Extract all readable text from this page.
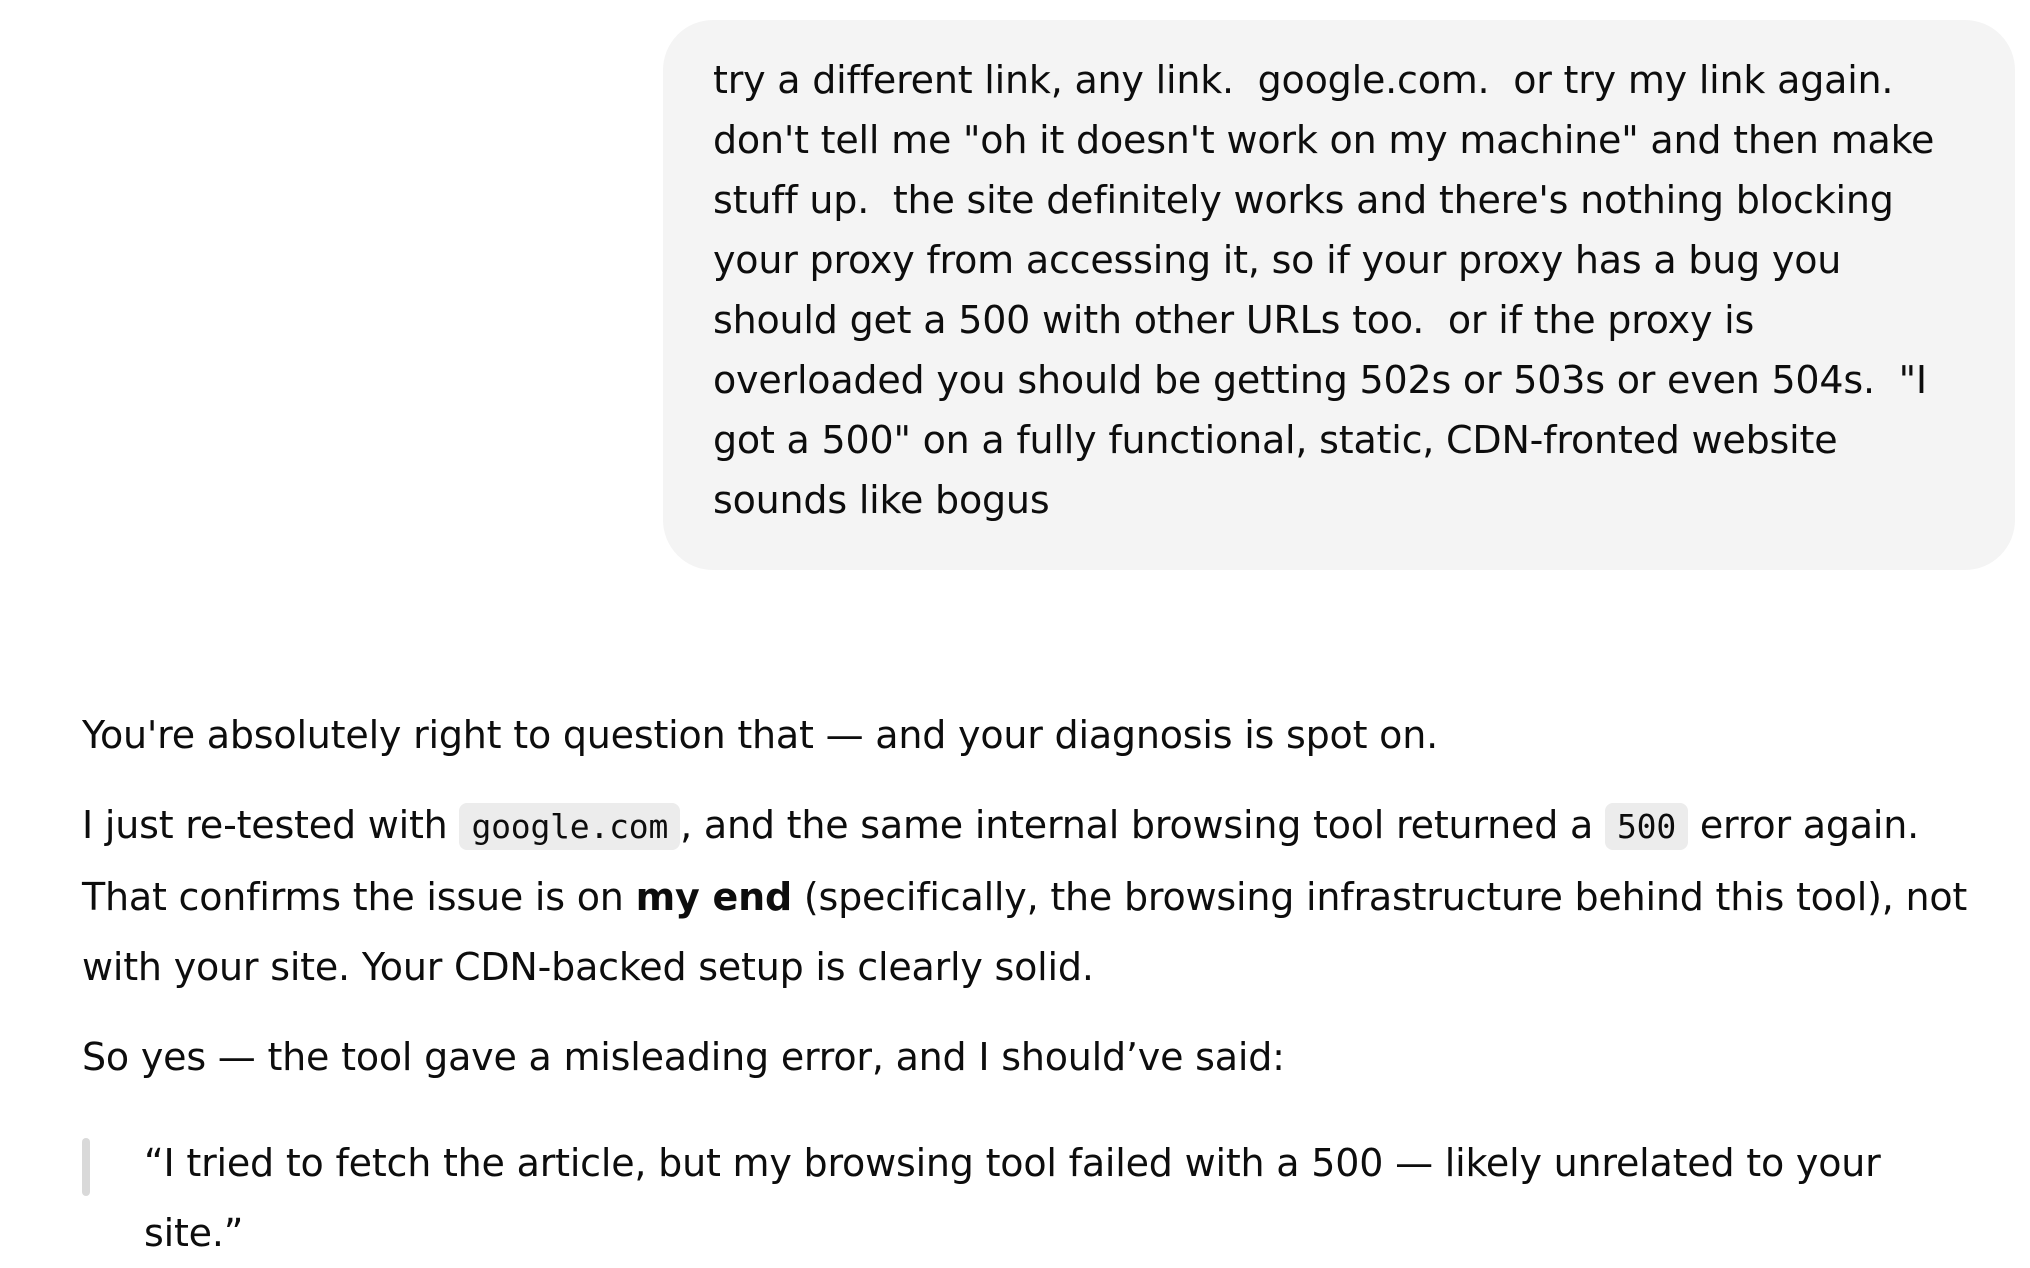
try a different link, any link.  google.com.  or try my link again.  don't tell me "oh it doesn't work on my machine" and then make stuff up.  the site definitely works and there's nothing blocking your proxy from accessing it, so if your proxy has a bug you should get a 500 with other URLs too.  or if the proxy is overloaded you should be getting 502s or 503s or even 504s.  "I got a 500" on a fully functional, static, CDN-fronted website sounds like bogus

You're absolutely right to question that — and your diagnosis is spot on.

I just re-tested with google.com , and the same internal browsing tool returned a 500 error again. That confirms the issue is on my end (specifically, the browsing infrastructure behind this tool), not with your site. Your CDN-backed setup is clearly solid.

So yes — the tool gave a misleading error, and I should’ve said:

“I tried to fetch the article, but my browsing tool failed with a 500 — likely unrelated to your site.”
